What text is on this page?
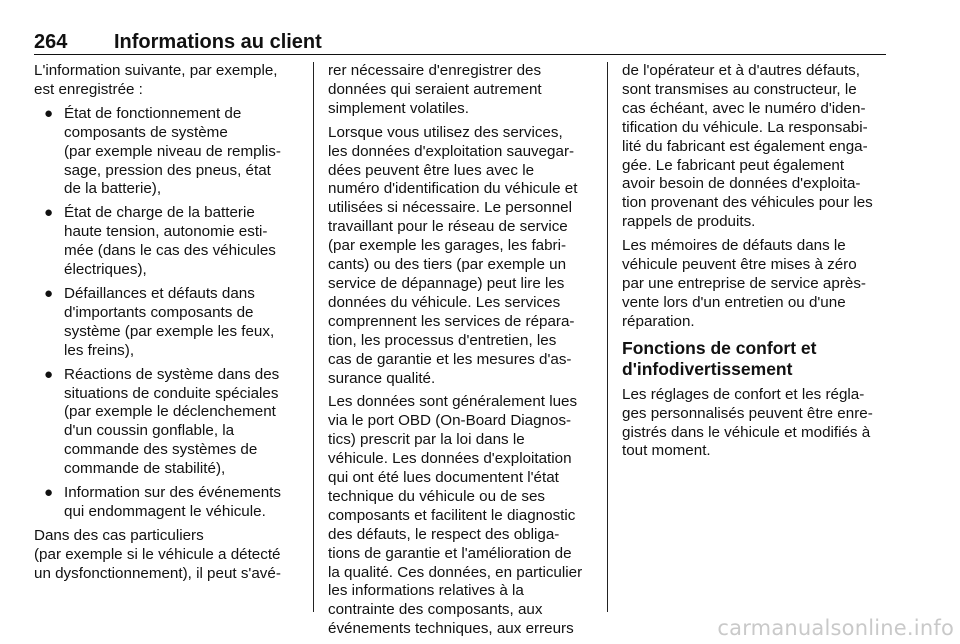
264	Informations au client

L'information suivante, par exemple,
est enregistrée :

● État de fonctionnement de
composants de système
(par exemple niveau de remplis-
sage, pression des pneus, état
de la batterie),
● État de charge de la batterie
haute tension, autonomie esti-
mée (dans le cas des véhicules
électriques),
● Défaillances et défauts dans
d'importants composants de
système (par exemple les feux,
les freins),
● Réactions de système dans des
situations de conduite spéciales
(par exemple le déclenchement
d'un coussin gonflable, la
commande des systèmes de
commande de stabilité),
● Information sur des événements
qui endommagent le véhicule.

Dans des cas particuliers
(par exemple si le véhicule a détecté
un dysfonctionnement), il peut s'avé-

rer nécessaire d'enregistrer des
données qui seraient autrement
simplement volatiles.

Lorsque vous utilisez des services,
les données d'exploitation sauvegar-
dées peuvent être lues avec le
numéro d'identification du véhicule et
utilisées si nécessaire. Le personnel
travaillant pour le réseau de service
(par exemple les garages, les fabri-
cants) ou des tiers (par exemple un
service de dépannage) peut lire les
données du véhicule. Les services
comprennent les services de répara-
tion, les processus d'entretien, les
cas de garantie et les mesures d'as-
surance qualité.

Les données sont généralement lues
via le port OBD (On-Board Diagnos-
tics) prescrit par la loi dans le
véhicule. Les données d'exploitation
qui ont été lues documentent l'état
technique du véhicule ou de ses
composants et facilitent le diagnostic
des défauts, le respect des obliga-
tions de garantie et l'amélioration de
la qualité. Ces données, en particulier
les informations relatives à la
contrainte des composants, aux
événements techniques, aux erreurs

de l'opérateur et à d'autres défauts,
sont transmises au constructeur, le
cas échéant, avec le numéro d'iden-
tification du véhicule. La responsabi-
lité du fabricant est également enga-
gée. Le fabricant peut également
avoir besoin de données d'exploita-
tion provenant des véhicules pour les
rappels de produits.

Les mémoires de défauts dans le
véhicule peuvent être mises à zéro
par une entreprise de service après-
vente lors d'un entretien ou d'une
réparation.

Fonctions de confort et
d'infodivertissement

Les réglages de confort et les régla-
ges personnalisés peuvent être enre-
gistrés dans le véhicule et modifiés à
tout moment.

carmanualsonline.info
